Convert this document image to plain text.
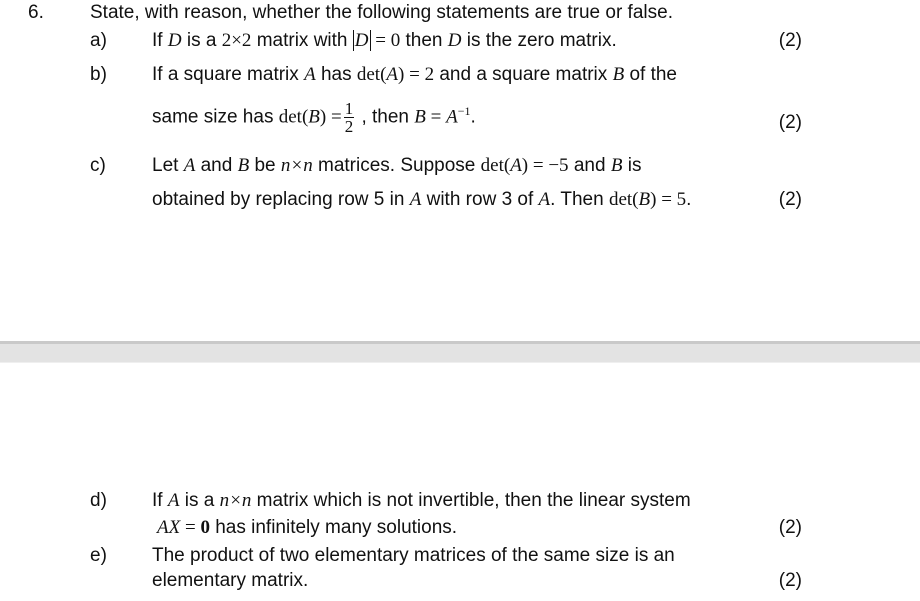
6. State, with reason, whether the following statements are true or false.
a) If D is a 2×2 matrix with D = 0 then D is the zero matrix.	(2)
b) If a square matrix A has det(A) = 2 and a square matrix B of the
same size has $\det(B) = \frac{1}{2}$ , then $B = A^{-1}$.	(2)
c) Let A and B be n×n matrices. Suppose det(A) = −5 and B is
obtained by replacing row 5 in A with row 3 of A. Then det(B) = 5.	(2)
d) If A is a n×n matrix which is not invertible, then the linear system
AX = 0 has infinitely many solutions.	(2)
e) The product of two elementary matrices of the same size is an
elementary matrix.	(2)
